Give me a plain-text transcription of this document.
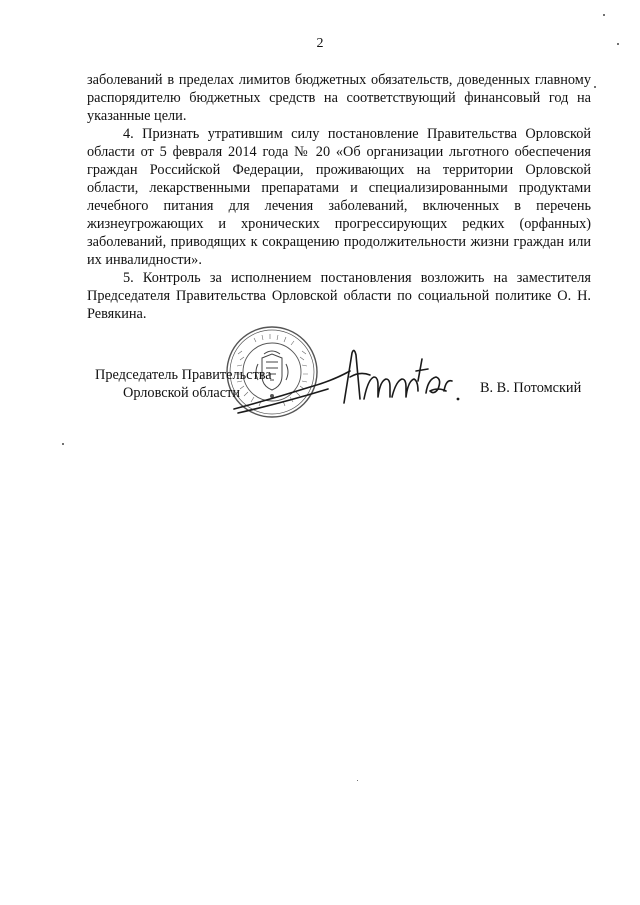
2

заболеваний в пределах лимитов бюджетных обязательств, доведенных главному распорядителю бюджетных средств на соответствующий финансовый год на указанные цели.

4. Признать утратившим силу постановление Правительства Орловской области от 5 февраля 2014 года № 20 «Об организации льготного обеспечения граждан Российской Федерации, проживающих на территории Орловской области, лекарственными препаратами и специализированными продуктами лечебного питания для лечения заболеваний, включенных в перечень жизнеугрожающих и хронических прогрессирующих редких (орфанных) заболеваний, приводящих к сокращению продолжительности жизни граждан или их инвалидности».

5. Контроль за исполнением постановления возложить на заместителя Председателя Правительства Орловской области по социальной политике О. Н. Ревякина.

Председатель Правительства
Орловской области	В. В. Потомский
